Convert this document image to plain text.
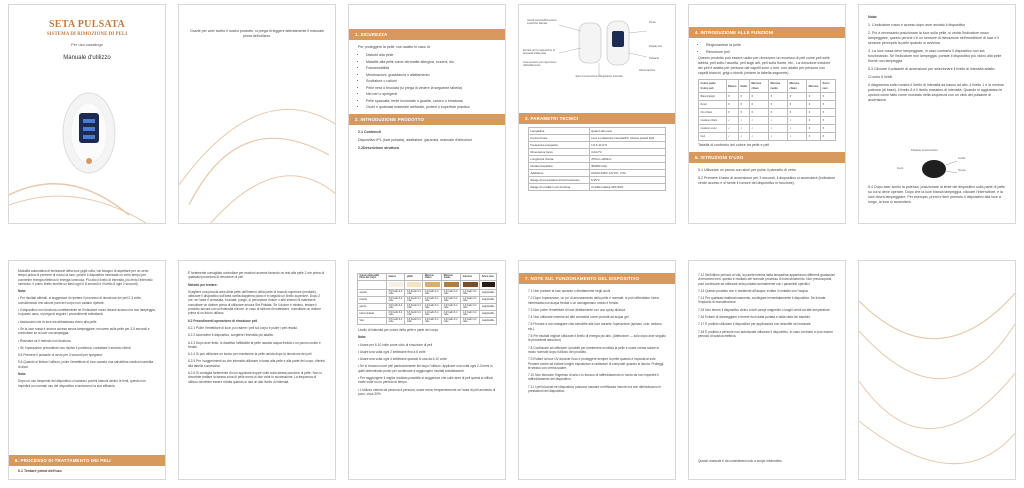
SETA PULSATA
SISTEMA DI RIMOZIONE DI PELI
Per uso casalingo
Manuale d'utilizzo

Grazie per aver scelto il nostro prodotto, si prega di leggere attentamente il manuale prima dell'utilizzo.	1. SICUREZZA

Per proteggere la pelle, non adatto in caso di:

• Disturbi alla pelle
• Malattie alla pelle come dermatite allergica, eczemi, etc.
• Fotosensibilità
• Mestruazioni, gravidanza o allattamento
• Scottature o ustioni
• Pelle nera o bruciata (si prega di vedere la seguente tabella)
• Nei neri o sporgenti
• Pelle spaccata, ferite incrostate o guarite, cancro o ematoma
• Occhi e qualsiasi materiale artificiale, protesi o superficie plastica
2. INTRODUZIONE PRODOTTO

2.1 Contenuti

Dispositivo IPL (luce pulsata), adattatore, garanzia, manuale d'istruzioni

2.2Descrizione struttura

Uscita secchio/Rimozione superficie laterale	Punto
Entrata per la riparazione di lampada a/alla pelle
Display led
Area sensore per l'ispezione / raffreddamento
Pulsante
Spia di accensione / Regolatore intensità
Alimentazione
3. PARAMETRI TECNICI
Lampadina	Quarzo allo xeno
Forma di luce	Luce a pulsazione intensa/IPL/ Intense pulsed light
Frequenza energetica	1.5-5 J/cm^2
Dimensione focus	4.2cm^2
Lunghezza d'onda	475nm~1200nm
Durata lampadina	300000 colpi
Adattatore	AC100-240V/ 12V DC, 2.5A
Range di temperatura di funzionamento	5-35°C
Range di umidità in cui funziona	Umidità relativa 30%-60%
4. INTRODUZIONE ALLE FUNZIONI
• Ringiovanisce la pelle
• Rimozione peli

Questo prodotto può essere usato per rimuovere un eccesso di peli come peli sulle labbra, peli sotto l'ascella, peli sugli arti, peli sulla fronte, etc.. La rimozione indolore dei peli è adatta per persone dai capelli scuri o neri, non adatto per persone con capelli bianchi, grigi o biondi (vedere la tabella seguente).

Colore pelle/ Colore peli	Bianco	Giallo	Marrone chiaro	Marrone medio	Marrone chiaro	Marrone	Scuro nero
Bianco/grigio	X	X	X	X	X	X	X
Rossi	X	X	X	X	X	X	X
Oro chiaro	X	X	X	X	X	X	X
Castano chiaro	✓	✓	✓	✓	✓	X	X
Castano scuro	✓	✓	✓	✓	✓	X	X
Neri	✓	✓	✓	✓	✓	X	X

Tabella di confronto del colore tra pelle e peli

5. ISTRUZIONI D'USO

5.1 Utilizzare un panno con alcol per pulire il pannello di vetro

5.2 Premere il tasto di accensione per 3 secondi, il dispositivo si accenderà (indicatore verde acceso e si sente il rumore del dispositivo in funzione).

Nota:

1. L'indicatore rosso è acceso dopo aver avviato il dispositivo

2. Poi è necessario posizionare la luce sulla pelle, si vedrà l'indicatore rosso lampeggiare, questo perché c'è un sensore di rilevazione nell'emettitore di luce e il sensore percepirà la pelle quando si avvicina

3. La luce rossa deve lampeggiare, in caso contrario il dispositivo non sta funzionando. Se l'indicatore non lampeggia, portate il dispositivo più vicino alla pelle finché non lampeggia

5.3 Cliccare il pulsante di accensione per selezionare il livello di intensità adatto.

Ci sono 6 livelli.

Il diagramma sotto mostra il livello di intensità da basso ad alto, il livello 1 è la minima potenza (di base), il livello 8 è il livello massimo di intensità. Quando si aggiustano le opzioni come fatto come mostrato nella sequenza con un click del pulsante di accensione.

Livello
Tempo
Avvio
Pulsante di accensione

5.4 Dopo aver scelto la potenza, posizionare la lente del dispositivo sulla parte di pelle su cui si deve operare. Dopo che la luce bianca lampeggia, cliccare l'interruttore, e la luce dovrà lampeggiare. Per esempio, premi e tieni premuto il dispositivo alla luce a lungo, la luce si accenderà.

Modalità automatica di emissione della luce (agiti volta, hai bisogno di aspettare per un certo tempo prima di premere di nuovo la luce, poiché il dispositivo necessita un certo tempo per convertire energia elettrica in energia luminosa. Più alto il livello di intensità, più lento l'intervallo luminoso. Il primo livello emette un flash ogni 0.8 secondi e il livello 8 ogni 2 secondi).

Nota:

• Per risultati ottimali, si suggerisce di ripetere il processo di rimozione dei peli 2-3 volte, considerando che alcune parti del corpo non vadano ripetute.

• Il dispositivo non funziona correttamente se l'indicatore rosso rimane acceso ma non lampeggia, in questo caso, si prega di seguire i procedimenti sottostanti.

• Assicurarsi che la luce sia abbastanza vicino alla pelle.

• Se la luce rossa è ancora accesa senza lampeggiare, muovere sulla pelle per 3-5 secondi e controllare se la luce ora lampeggia.

• Riavviare se il metodo non funziona

• Se l'operazione precedente non risolve il problema, contattare il servizio clienti

5.5 Premere il pulsante di avvio per 3 secondi per spegnere

5.6 Quando si finisce l'utilizzo, pulire l'emettitore di luce usando una salviettina medica inumidita di alcol

Nota:

Dopo un uso frequente del dispositivo ci saranno puntini bianchi dentro le lenti, questo non impedirà un normale uso del dispositivo e tantomeno la sua efficacia.

6. PROCESSO DI TRATTAMENTO DEI PELI

6.1 Testare prima dell'uso

È fortemente consigliato controllare per reazioni avverse facendo un test alla pelle 2 ore prima di qualsiasi procedura di rimozione di peli.

Metodo per testare:

Scegliere una piccola area della pelle dell'interno della parte di braccio superiore (mediale), utilizzare il dispositivo sull'area scelta dapprima piano e in seguito un livello superiore. Dopo 2 ore, se l'area è arrossata, bruciata, punge, si percepisce dolore o altri sintomi di malessere consultare un dottore prima di utilizzare ancora Set Pulsata. Se il dolore è minimo, testare il prodotto ancora con un'intensità minore. In caso di sintomi di malessere, consultare un dottore prima di un futuro utilizzo.

6.2 Procedimenti operazione di rimozione peli

6.2.1 Pulire l'emettitore di luce, poi radere i peli sul corpo e pulire i peli residui.

6.2.2 Accendere il dispositivo, scegliere l'intensità più adatta.

6.2.3 Dopo aver finito, si disattiva l'affidabile la pelle usando acqua fredda o un panno umido e freddo

6.2.4 Si può utilizzare un tonico per mantenere la pelle umida dopo la rimozione dei peli

6.2.5 Per i suggerimenti su che intensità utilizzare in base alla pelle e alla parte del corpo, riferirsi alla tabella successiva

6.2.6 Si consiglia fortemente di non applicare troppe volte sulla stessa porzione di pelle. Non si dovrebbe trattare la stessa zona di pelle meno di due volte in successione. La frequenza di utilizzo dovrebbe essere ridotta quando si usa un alto livello di intensità.

Colore della pelle/ Parte del corpo	bianco	giallo	Marrone chiaro	Marrone medio	marrone	Scuro nero

ascelle	3-5 livello 3-4 volte	3-5 livello 3-4 volte	2-4 livello 3-4 volte	2-3 livello 3-4 volte	1-3 livello 3-4 volte	inapplicabile
braccia	3-5 livello 3-4 volte	3-5 livello 3-4 volte	2-4 livello 3-4 volte	2-3 livello 3-4 volte	1-3 livello 3-4 volte	inapplicabile
gambe	3-5 livello 3-4 volte	3-5 livello 3-4 volte	2-4 livello 3-4 volte	2-3 livello 3-4 volte	1-3 livello 3-4 volte	inapplicabile
Intimo delicato	3-5 livello 3-4 volte	3-5 livello 3-4 volte	2-4 livello 3-4 volte	2-3 livello 3-4 volte	1-3 livello 3-4 volte	inapplicabile
Viso	3-5 livello 3-4 volte	3-5 livello 3-4 volte	2-4 livello 3-4 volte	2-3 livello 3-4 volte	1-3 livello 3-4 volte	inapplicabile

Livello di intensità per colore della pelle e parte del corpo

Nota:

• Usare per 6-10 volte come ciclo di rimozione di peli

• Usare una volta ogni 2 settimane fino a 6 volte

• Usare una volta ogni 4 settimane quando si usa da 6-10 volte

• Se si trovano nuovi peli particolarmente fini dopo l'utilizzo, applicare una volta ogni 2-3 mesi in quell determinato punto per continuare a raggiungere risultati soddisfacenti.

• Per raggiungere il miglior risultato possibile si suggerisce che sulle aree di peli spessi si utilizzi molte volte su un periodo di tempo.

• L'utilizzo varierà da persona a persona, usare meno frequentemente se l'area di peli aumenta di poco, circa 30%.

7. NOTE SUL FUNZIONAMENTO DEL DISPOSITIVO

7.1 Non puntare la luce accanto o direttamente negli occhi.

7.2 Dopo l'operazione, un po' di arrossamento della pelle è normale, si può raffreddare l'area interessata con acqua fredda o un asciugamano umido e freddo.

7.3 Non pulire l'emettitore di luce direttamente con uno spray all'alcol.

7.4 Non utilizzare insieme ad altri cosmetici come prodotti ad acque gel.

7.5 Provare a non mangiare cibo sensibile alla luce durante l'operazione (spinaci, cole, sedano, etc.).

7.6 Per risultati migliori utilizzare il livello di energia più alto. (Attenzione — solo dopo aver seguito le precedenti istruzioni)

7.8 Continuare ad utilizzare i prodotti per mantenere morbida la pelle e usare crema solare in modo normale dopo l'utilizzo del prodotto.

7.9 Evitare la luce UV durante l'uso e proteggere sempre la pelle quando è esposta al sole. Provare anche ad evitare lunghe esposizioni a radiazioni di computer quando si lavora. Proteggi te stesso con crema solare.

7.10 Non bloccare l'ingresso di aria o lo sbocco di raffreddamento in modo da non impedire il raffreddamento del dispositivo.

7.11 I peli bloccati nel dispositivo possono causare un'efficacia minore ma non diminuiscono le prestazioni del dispositivo.

7.12 Nell'ultimo periodo di vita, la parete interna della lampadina appariranno differenti gradazioni di fenomeni neri, questo è risultato del normale processo di invecchiamento. Non preoccuparsi, puoi continuare ad utilizzare seta pulsata normalmente con i parametri specifici.

7.13 Questo prodotto non è resistente all'acqua, evitare il contatto con l'acqua.

7.14 Per qualsiasi malfunzionamento, scollegare immediatamente il dispositivo. Se trovate l'impianto di manutenzione.

7.15 Non tenere il dispositivo vicino a forti campi magnetici o luoghi umidi ad alte temperature.

7.16 Evitare di danneggiare e tenere fuori dalla portata e dalla vista dei bambini.

7.17 È proibito utilizzare il dispositivo per applicazioni non descritte nel manuale.

7.18 È proibito a persone non autorizzate utilizzare il dispositivo. In caso contrario ci può essere pericolo di scarica elettrica.

Questo manuale è da considerarsi solo a scopo informativo
